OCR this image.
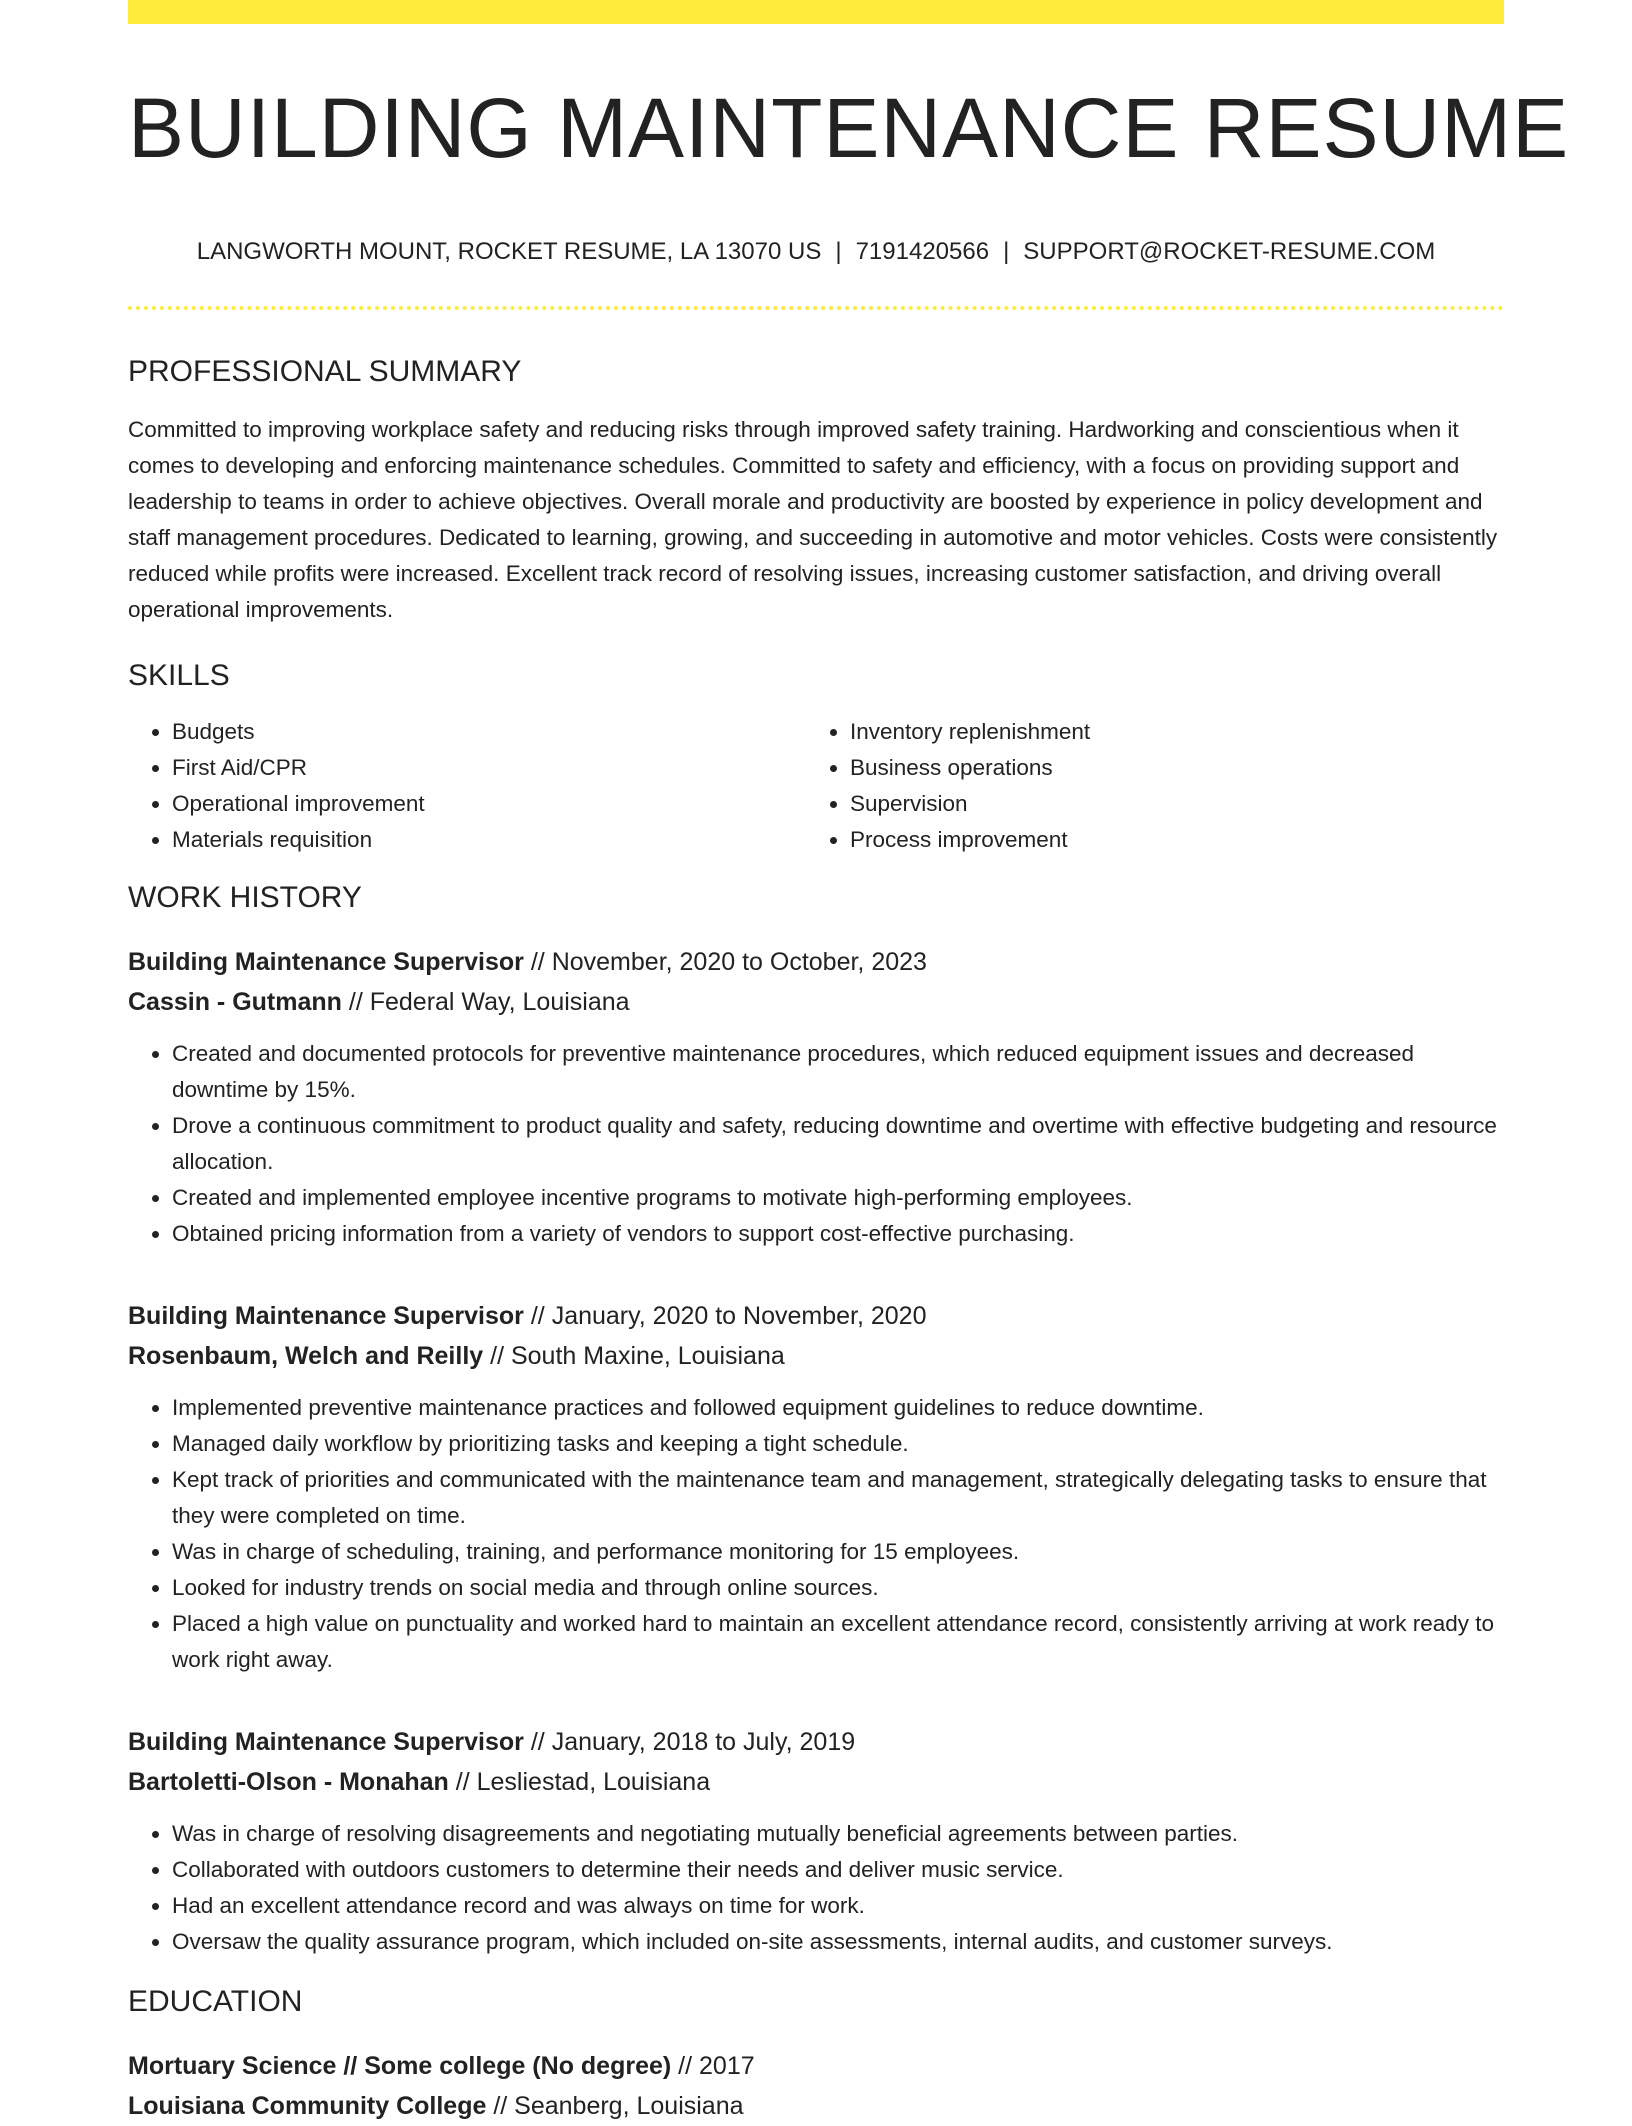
BUILDING MAINTENANCE RESUME
LANGWORTH MOUNT, ROCKET RESUME, LA 13070 US | 7191420566 | SUPPORT@ROCKET-RESUME.COM
PROFESSIONAL SUMMARY

Committed to improving workplace safety and reducing risks through improved safety training. Hardworking and conscientious when it comes to developing and enforcing maintenance schedules. Committed to safety and efficiency, with a focus on providing support and leadership to teams in order to achieve objectives. Overall morale and productivity are boosted by experience in policy development and staff management procedures. Dedicated to learning, growing, and succeeding in automotive and motor vehicles. Costs were consistently reduced while profits were increased. Excellent track record of resolving issues, increasing customer satisfaction, and driving overall operational improvements.

SKILLS
• Budgets
• First Aid/CPR
• Operational improvement
• Materials requisition
• Inventory replenishment
• Business operations
• Supervision
• Process improvement
WORK HISTORY
Building Maintenance Supervisor // November, 2020 to October, 2023
Cassin - Gutmann // Federal Way, Louisiana
• Created and documented protocols for preventive maintenance procedures, which reduced equipment issues and decreased downtime by 15%.
• Drove a continuous commitment to product quality and safety, reducing downtime and overtime with effective budgeting and resource allocation.
• Created and implemented employee incentive programs to motivate high-performing employees.
• Obtained pricing information from a variety of vendors to support cost-effective purchasing.
Building Maintenance Supervisor // January, 2020 to November, 2020
Rosenbaum, Welch and Reilly // South Maxine, Louisiana
• Implemented preventive maintenance practices and followed equipment guidelines to reduce downtime.
• Managed daily workflow by prioritizing tasks and keeping a tight schedule.
• Kept track of priorities and communicated with the maintenance team and management, strategically delegating tasks to ensure that they were completed on time.
• Was in charge of scheduling, training, and performance monitoring for 15 employees.
• Looked for industry trends on social media and through online sources.
• Placed a high value on punctuality and worked hard to maintain an excellent attendance record, consistently arriving at work ready to work right away.
Building Maintenance Supervisor // January, 2018 to July, 2019
Bartoletti-Olson - Monahan // Lesliestad, Louisiana
• Was in charge of resolving disagreements and negotiating mutually beneficial agreements between parties.
• Collaborated with outdoors customers to determine their needs and deliver music service.
• Had an excellent attendance record and was always on time for work.
• Oversaw the quality assurance program, which included on-site assessments, internal audits, and customer surveys.
EDUCATION
Mortuary Science // Some college (No degree) // 2017
Louisiana Community College // Seanberg, Louisiana
